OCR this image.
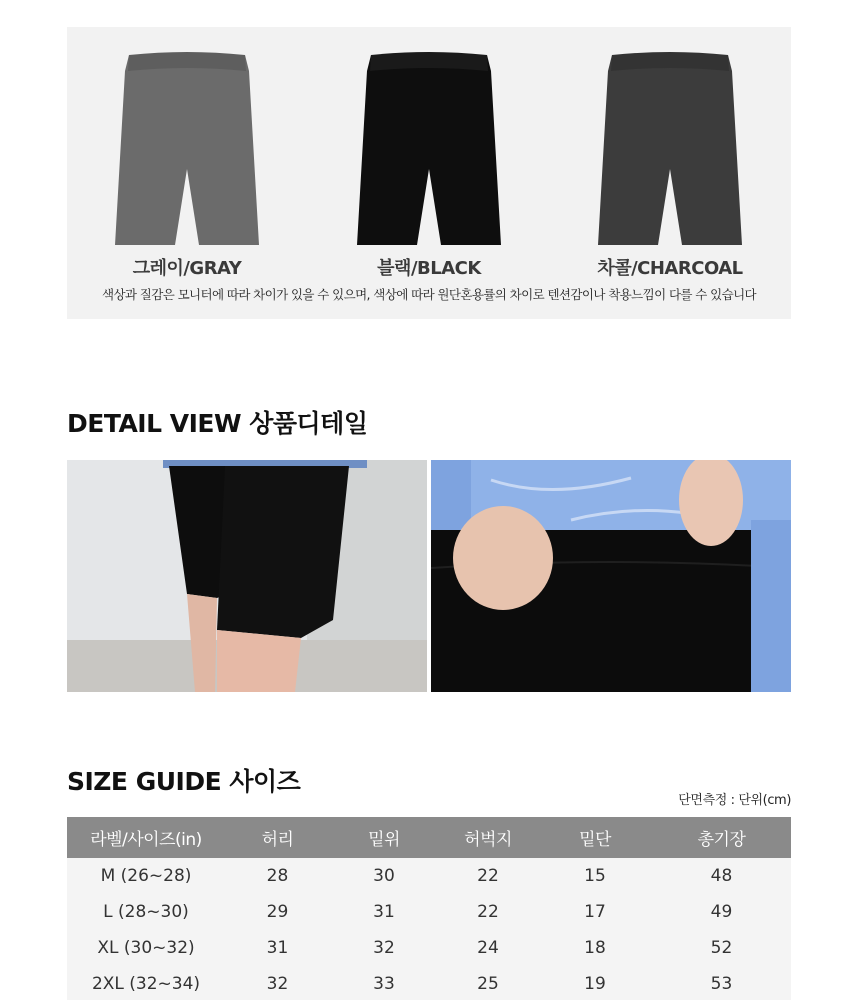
그레이/GRAY	블랙/BLACK	차콜/CHARCOAL
색상과 질감은 모니터에 따라 차이가 있을 수 있으며, 색상에 따라 원단혼용률의 차이로 텐션감이나 착용느낌이 다를 수 있습니다
DETAIL VIEW 상품디테일
SIZE GUIDE 사이즈
단면측정 : 단위(cm)
라벨/사이즈(in)	허리	밑위	허벅지	밑단	총기장
M (26~28)	28	30	22	15	48
L (28~30)	29	31	22	17	49
XL (30~32)	31	32	24	18	52
2XL (32~34)	32	33	25	19	53
